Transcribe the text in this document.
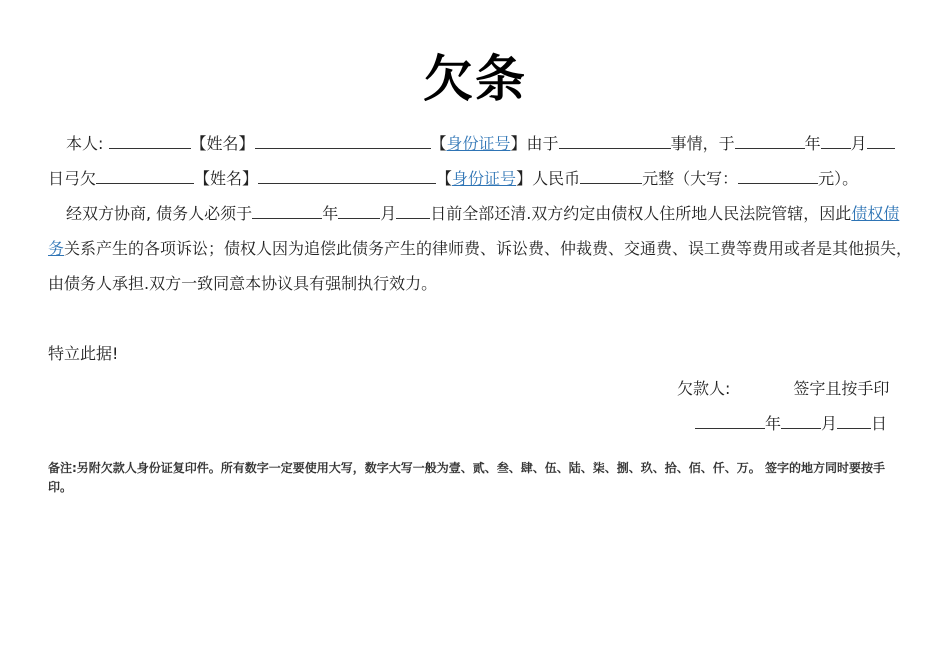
欠条
本人:	【姓名】	【身份证号】由于	事情，于	年 月
日弓欠	【姓名】	【身份证号】人民币	元整（大写：	元）。
经双方协商, 债务人必须于	年	月 日前全部还清.双方约定由债权人住所地人民法院管辖，因此债权债
务关系产生的各项诉讼；债权人因为追偿此债务产生的律师费、诉讼费、仲裁费、交通费、误工费等费用或者是其他损失，
由债务人承担.双方一致同意本协议具有强制执行效力。
特立此据!
欠款人:	签字且按手印
年	月 日
备注:另附欠款人身份证复印件。所有数字一定要使用大写，数字大写一般为壹、贰、叁、肆、伍、陆、柒、捌、玖、拾、佰、仟、万。 签字的地方同时要按手印。
